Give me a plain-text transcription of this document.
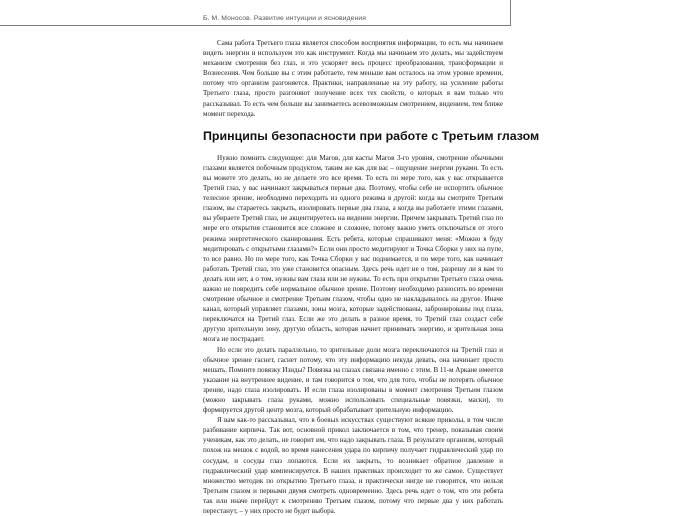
Б. М. Моносов. Развитие интуиции и ясновидения

Сама работа Третьего глаза является способом восприятия информации, то есть мы начинаем видеть энергии и используем это как инструмент. Когда мы начинаем это делать, мы задействуем механизм смотрения без глаз, и это ускоряет весь процесс преобразования, трансформации и Вознесения. Чем больше вы с этим работаете, тем меньше вам осталось на этом уровне времени, потому что организм разгоняется. Практики, направленные на эту работу, на усиление работы Третьего глаза, просто разгоняют получение всех тех свойств, о которых я вам только что рассказывал. То есть чем больше вы занимаетесь всевозможным смотрением, видением, тем ближе момент перехода.

Принципы безопасности при работе с Третьим глазом

Нужно помнить следующее: для Магов, для касты Магов 3-го уровня, смотрение обычными глазами является побочным продуктом, таким же как для вас – ощущение энергии руками. То есть вы можете это делать, но не делаете это все время. То есть по мере того, как у вас открывается Третий глаз, у вас начинают закрываться первые два. Поэтому, чтобы себе не испортить обычное телесное зрение, необходимо переходить из одного режима в другой: когда вы смотрите Третьим глазом, вы стараетесь закрыть, изолировать первые два глаза, а когда вы работаете этими глазами, вы убираете Третий глаз, не акцентируетесь на видении энергии. Причем закрывать Третий глаз по мере его открытия становится все сложнее и сложнее, потому важно уметь отключаться от этого режима энергетического сканирования. Есть ребята, которые спрашивают меня: «Можно я буду медитировать с открытыми глазами?» Если они просто медитируют и Точка Сборки у них на пупе, то все равно. Но по мере того, как Точка Сборки у вас поднимается, и по мере того, как начинает работать Третий глаз, это уже становится опасным. Здесь речь идет не о том, разрешу ли я вам то делать или нет, а о том, нужны вам глаза или не нужны. То есть при открытии Третьего глаза очень важно не повредить себе нормальное обычное зрение. Поэтому необходимо разносить во времени смотрение обычное и смотрение Третьим глазом, чтобы одно не накладывалось на другое. Иначе канал, который управляет глазами, зоны мозга, которые задействованы, забронированы под глаза, переключатся на Третий глаз. Если же это делать в разное время, то Третий глаз создаст себе другую зрительную зону, другую область, которая начнет принимать энергию, и зрительная зона мозга не пострадает.

Но если это делать параллельно, то зрительные доли мозга переключаются на Третий глаз и обычное зрение гаснет, гаснет потому, что эту информацию некуда девать, она начинает просто мешать. Помните повязку Изиды? Повязка на глазах связана именно с этим. В 11-м Аркане имеется указание на внутреннее видение, и там говорится о том, что для того, чтобы не потерять обычное зрение, надо глаза изолировать. И если глаза изолированы в момент смотрения Третьим глазом (можно закрывать глаза руками, можно использовать специальные повязки, маски), то формируется другой центр мозга, который обрабатывает зрительную информацию.

Я вам как-то рассказывал, что в боевых искусствах существуют всякие приколы, в том числе разбивание кирпича. Так вот, основной прикол заключается в том, что тренер, показывая своим ученикам, как это делать, не говорит им, что надо закрывать глаза. В результате организм, который похож на мешок с водой, во время нанесения удара по кирпичу получает гидравлический удар по сосудам, и сосуды глаз лопаются. Если их закрыть, то возникает обратное давление и гидравлический удар компенсируется. В наших практиках происходит то же самое. Существует множество методик по открытию Третьего глаза, и практически нигде не говорится, что нельзя Третьим глазом и первыми двумя смотреть одновременно. Здесь речь идет о том, что эти ребята так или иначе перейдут к смотрению Третьим глазом, потому что первые два у них работать перестанут, – у них просто не будет выбора.
